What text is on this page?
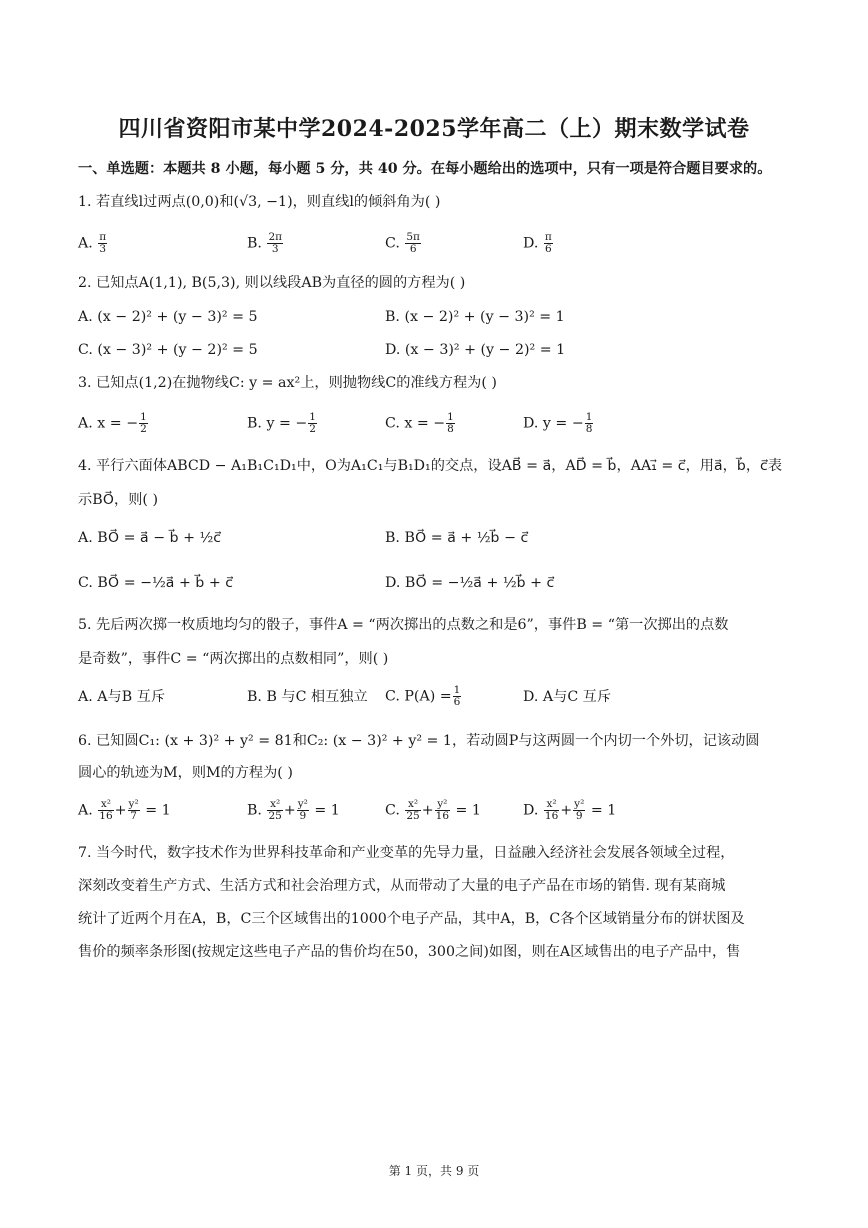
四川省资阳市某中学2024-2025学年高二（上）期末数学试卷
一、单选题：本题共 8 小题，每小题 5 分，共 40 分。在每小题给出的选项中，只有一项是符合题目要求的。
1. 若直线l过两点(0,0)和(√3, −1)，则直线l的倾斜角为( )
A. $\frac{\pi}{3}$	B. $\frac{2\pi}{3}$	C. $\frac{5\pi}{6}$	D. $\frac{\pi}{6}$
2. 已知点A(1,1), B(5,3), 则以线段AB为直径的圆的方程为( )
A. (x − 2)² + (y − 3)² = 5	B. (x − 2)² + (y − 3)² = 1
C. (x − 3)² + (y − 2)² = 5	D. (x − 3)² + (y − 2)² = 1
3. 已知点(1,2)在抛物线C: y = ax²上，则抛物线C的准线方程为( )
A. x = − $\frac{1}{2}$	B. y = − $\frac{1}{2}$	C. x = − $\frac{1}{8}$	D. y = − $\frac{1}{8}$
4. 平行六面体ABCD − A₁B₁C₁D₁中，O为A₁C₁与B₁D₁的交点，设AB⃗ = a⃗，AD⃗ = b⃗，AA₁⃗ = c⃗，用a⃗，b⃗，c⃗表
示BO⃗，则( )
A. BO⃗ = a⃗ − b⃗ + ½c⃗	B. BO⃗ = a⃗ + ½b⃗ − c⃗
C. BO⃗ = −½a⃗ + b⃗ + c⃗	D. BO⃗ = −½a⃗ + ½b⃗ + c⃗
5. 先后两次掷一枚质地均匀的骰子，事件A = “两次掷出的点数之和是6”，事件B = “第一次掷出的点数
是奇数”，事件C = “两次掷出的点数相同”，则( )
A. A与B 互斥	B. B 与C 相互独立 C. $P(A) = \frac{1}{6}$	D. A与C 互斥
6. 已知圆C₁: (x + 3)² + y² = 81和C₂: (x − 3)² + y² = 1，若动圆P与这两圆一个内切一个外切，记该动圆
圆心的轨迹为M，则M的方程为( )
A. $\frac{\text{x²}}{16} + \frac{\text{y²}}{7} = 1$	B. $\frac{\text{x²}}{25} + \frac{\text{y²}}{9} = 1$	C. $\frac{\text{x²}}{25} + \frac{\text{y²}}{16} = 1$	D. $\frac{\text{x²}}{16} + \frac{\text{y²}}{9} = 1$
7. 当今时代，数字技术作为世界科技革命和产业变革的先导力量，日益融入经济社会发展各领域全过程，
深刻改变着生产方式、生活方式和社会治理方式，从而带动了大量的电子产品在市场的销售. 现有某商城
统计了近两个月在A，B，C三个区域售出的1000个电子产品，其中A，B，C各个区域销量分布的饼状图及
售价的频率条形图(按规定这些电子产品的售价均在50，300之间)如图，则在A区域售出的电子产品中，售
第 1 页，共 9 页
